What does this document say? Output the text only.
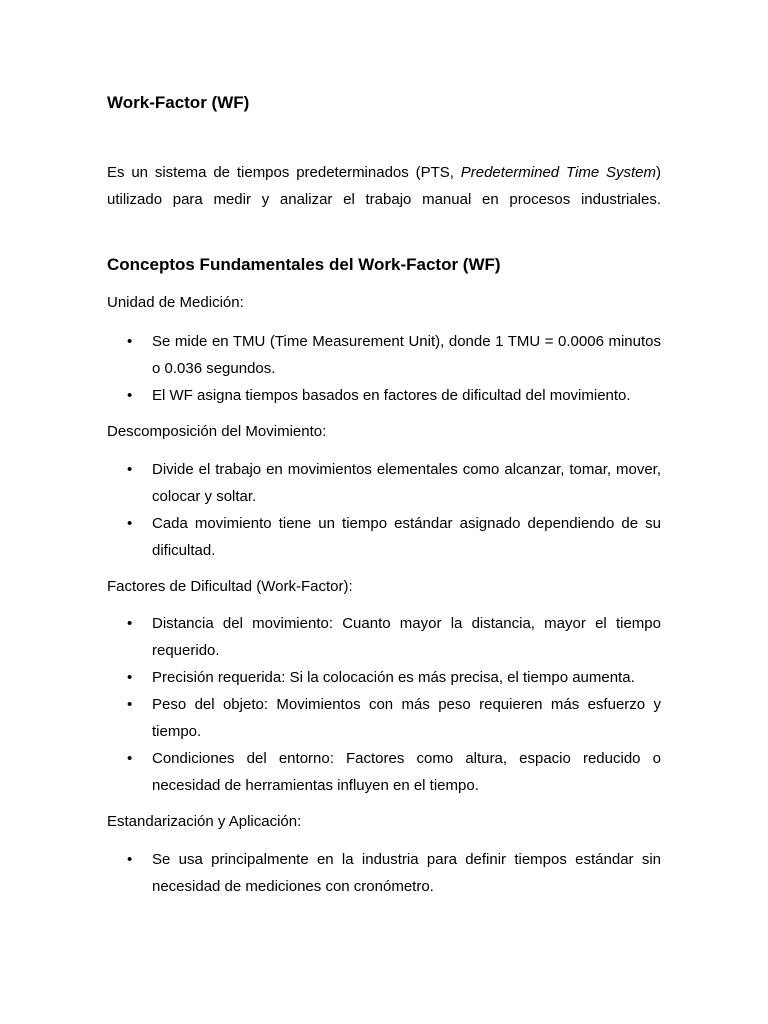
Work-Factor (WF)

Es un sistema de tiempos predeterminados (PTS, Predetermined Time System) utilizado para medir y analizar el trabajo manual en procesos industriales.

Conceptos Fundamentales del Work-Factor (WF)

Unidad de Medición:

• Se mide en TMU (Time Measurement Unit), donde 1 TMU = 0.0006 minutos o 0.036 segundos.
• El WF asigna tiempos basados en factores de dificultad del movimiento.

Descomposición del Movimiento:

• Divide el trabajo en movimientos elementales como alcanzar, tomar, mover, colocar y soltar.
• Cada movimiento tiene un tiempo estándar asignado dependiendo de su dificultad.

Factores de Dificultad (Work-Factor):

• Distancia del movimiento: Cuanto mayor la distancia, mayor el tiempo requerido.
• Precisión requerida: Si la colocación es más precisa, el tiempo aumenta.
• Peso del objeto: Movimientos con más peso requieren más esfuerzo y tiempo.
• Condiciones del entorno: Factores como altura, espacio reducido o necesidad de herramientas influyen en el tiempo.

Estandarización y Aplicación:

• Se usa principalmente en la industria para definir tiempos estándar sin necesidad de mediciones con cronómetro.
